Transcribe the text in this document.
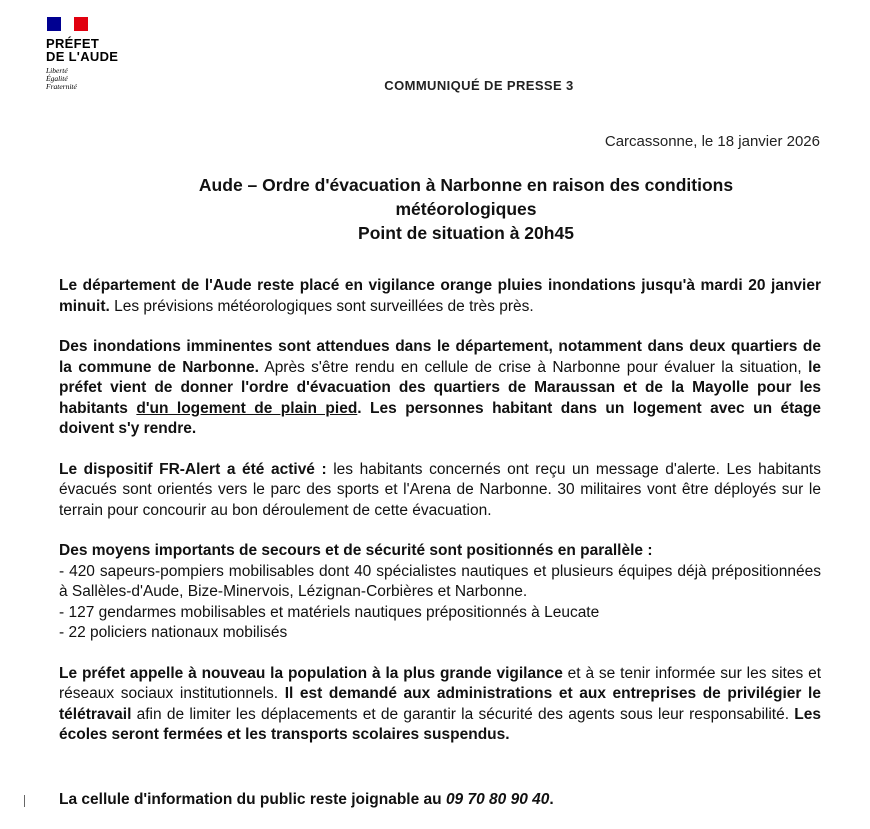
PRÉFET
DE L'AUDE
Liberté
Égalité
Fraternité	COMMUNIQUÉ DE PRESSE 3
Carcassonne, le 18 janvier 2026
Aude – Ordre d'évacuation à Narbonne en raison des conditions
météorologiques
Point de situation à 20h45

Le département de l'Aude reste placé en vigilance orange pluies inondations jusqu'à mardi 20 janvier minuit. Les prévisions météorologiques sont surveillées de très près.

Des inondations imminentes sont attendues dans le département, notamment dans deux quartiers de la commune de Narbonne. Après s'être rendu en cellule de crise à Narbonne pour évaluer la situation, le préfet vient de donner l'ordre d'évacuation des quartiers de Maraussan et de la Mayolle pour les habitants d'un logement de plain pied. Les personnes habitant dans un logement avec un étage doivent s'y rendre.

Le dispositif FR-Alert a été activé : les habitants concernés ont reçu un message d'alerte. Les habitants évacués sont orientés vers le parc des sports et l'Arena de Narbonne. 30 militaires vont être déployés sur le terrain pour concourir au bon déroulement de cette évacuation.

Des moyens importants de secours et de sécurité sont positionnés en parallèle :
- 420 sapeurs-pompiers mobilisables dont 40 spécialistes nautiques et plusieurs équipes déjà prépositionnées à Sallèles-d'Aude, Bize-Minervois, Lézignan-Corbières et Narbonne.
- 127 gendarmes mobilisables et matériels nautiques prépositionnés à Leucate
- 22 policiers nationaux mobilisés

Le préfet appelle à nouveau la population à la plus grande vigilance et à se tenir informée sur les sites et réseaux sociaux institutionnels. Il est demandé aux administrations et aux entreprises de privilégier le télétravail afin de limiter les déplacements et de garantir la sécurité des agents sous leur responsabilité. Les écoles seront fermées et les transports scolaires suspendus.

La cellule d'information du public reste joignable au 09 70 80 90 40.
